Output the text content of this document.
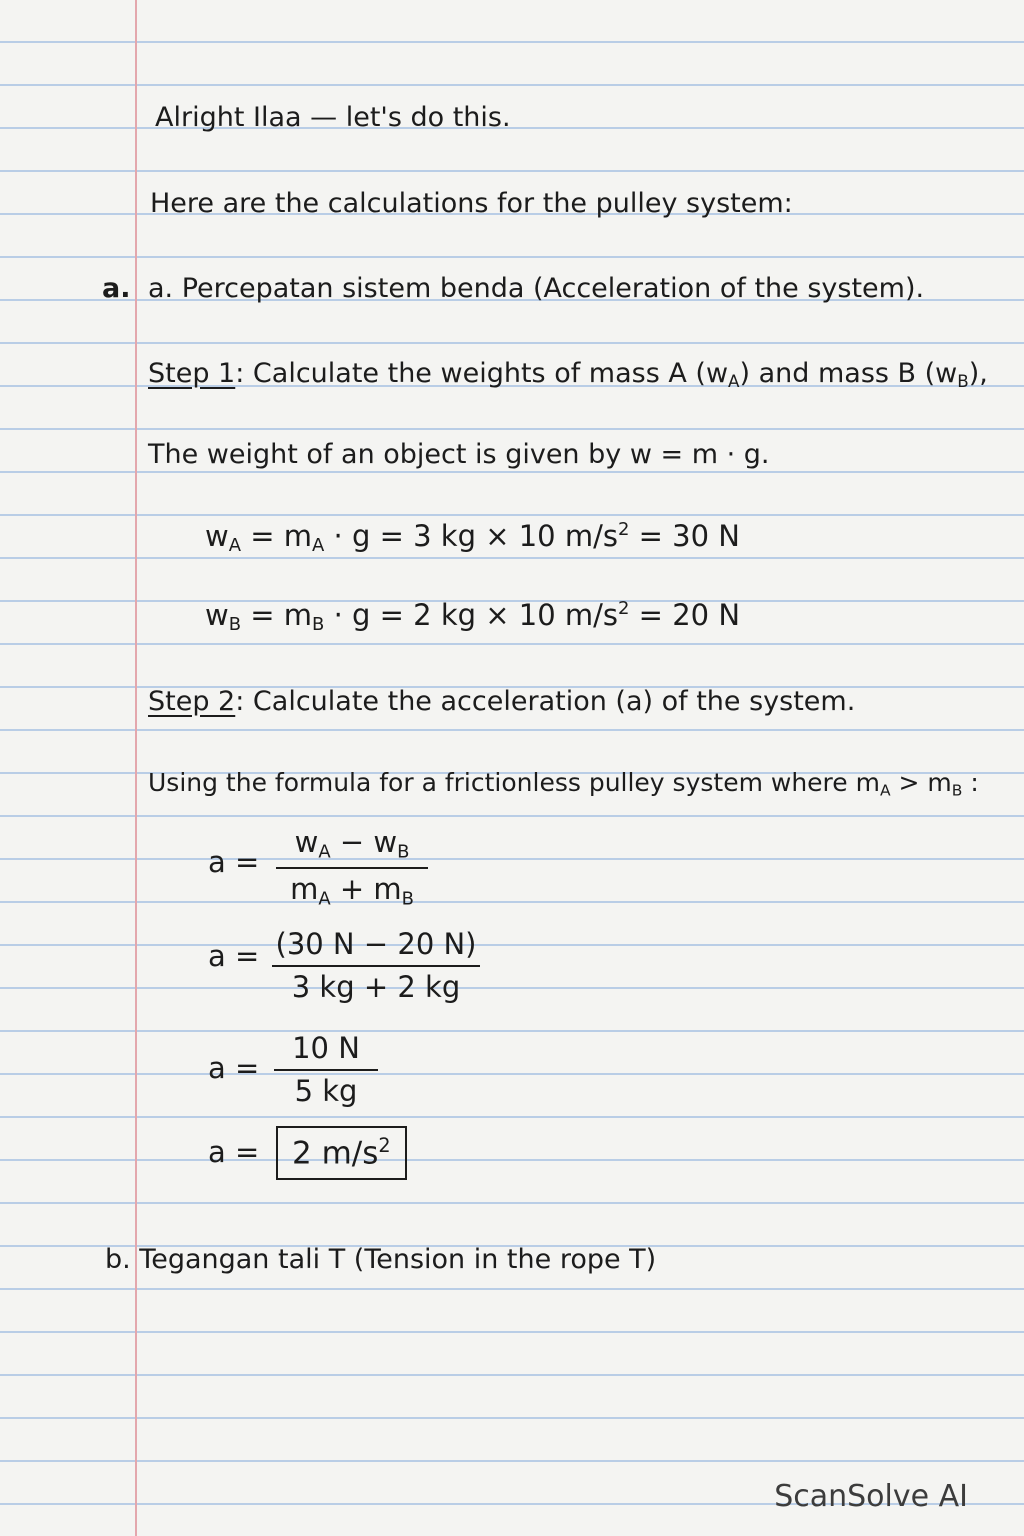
Alright Ilaa — let's do this.
Here are the calculations for the pulley system:
a. a. Percepatan sistem benda (Acceleration of the system).
Step 1: Calculate the weights of mass A $(w_A)$ and mass B $(w_B)$,
The weight of an object is given by w = m · g.
$w_A = m_A \cdot g = 3$ kg × 10 $m/s^2 = 30$ N
$w_B = m_B \cdot g = 2$ kg × 10 $m/s^2 = 20$ N
Step 2: Calculate the acceleration (a) of the system.
Using the formula for a frictionless pulley system where $m_A > m_B$ :
a =
$w_A - w_B$
$m_A + m_B$
a = (30 N − 20 N)
3 kg + 2 kg
a =
10 N
5 kg
a =	2 $m/s^2$
b. Tegangan tali T (Tension in the rope T)
ScanSolve AI
